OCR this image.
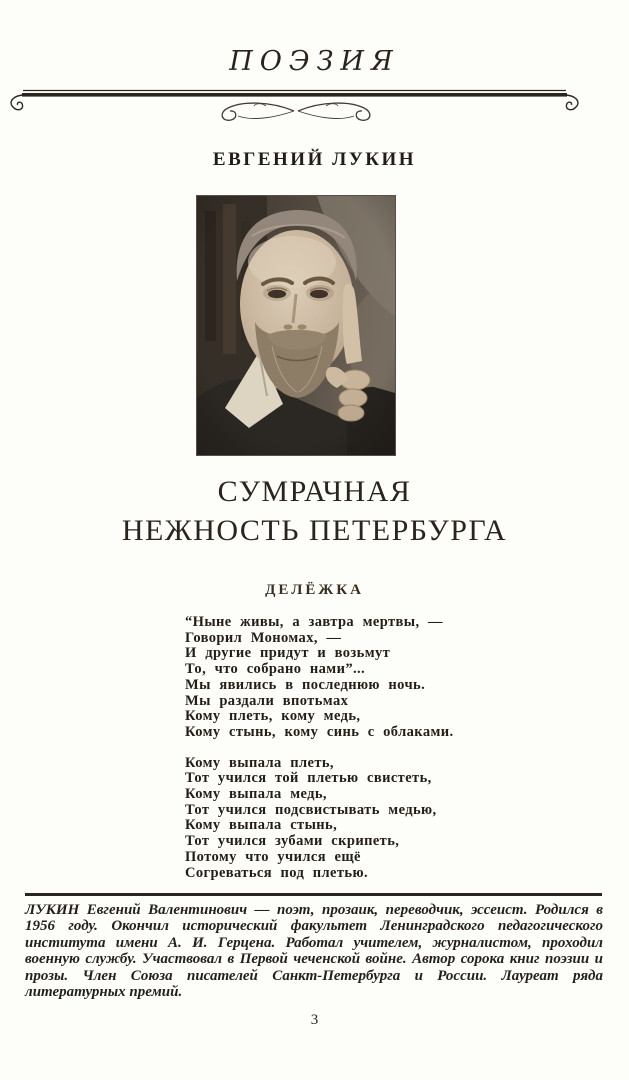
ПОЭЗИЯ
ЕВГЕНИЙ ЛУКИН
СУМРАЧНАЯ
НЕЖНОСТЬ ПЕТЕРБУРГА
ДЕЛЁЖКА
“Ныне живы, а завтра мертвы, —
Говорил Мономах, —
И другие придут и возьмут
То, что собрано нами”...
Мы явились в последнюю ночь.
Мы раздали впотьмах
Кому плеть, кому медь,
Кому стынь, кому синь с облаками.
Кому выпала плеть,
Тот учился той плетью свистеть,
Кому выпала медь,
Тот учился подсвистывать медью,
Кому выпала стынь,
Тот учился зубами скрипеть,
Потому что учился ещё
Согреваться под плетью.
ЛУКИН Евгений Валентинович — поэт, прозаик, переводчик, эссеист. Родился в 1956 году. Окончил исторический факультет Ленинградского педагогического института имени А. И. Герцена. Работал учителем, журналистом, проходил военную службу. Участвовал в Первой чеченской войне. Автор сорока книг поэзии и прозы. Член Союза писателей Санкт-Петербурга и России. Лауреат ряда литературных премий.
3
